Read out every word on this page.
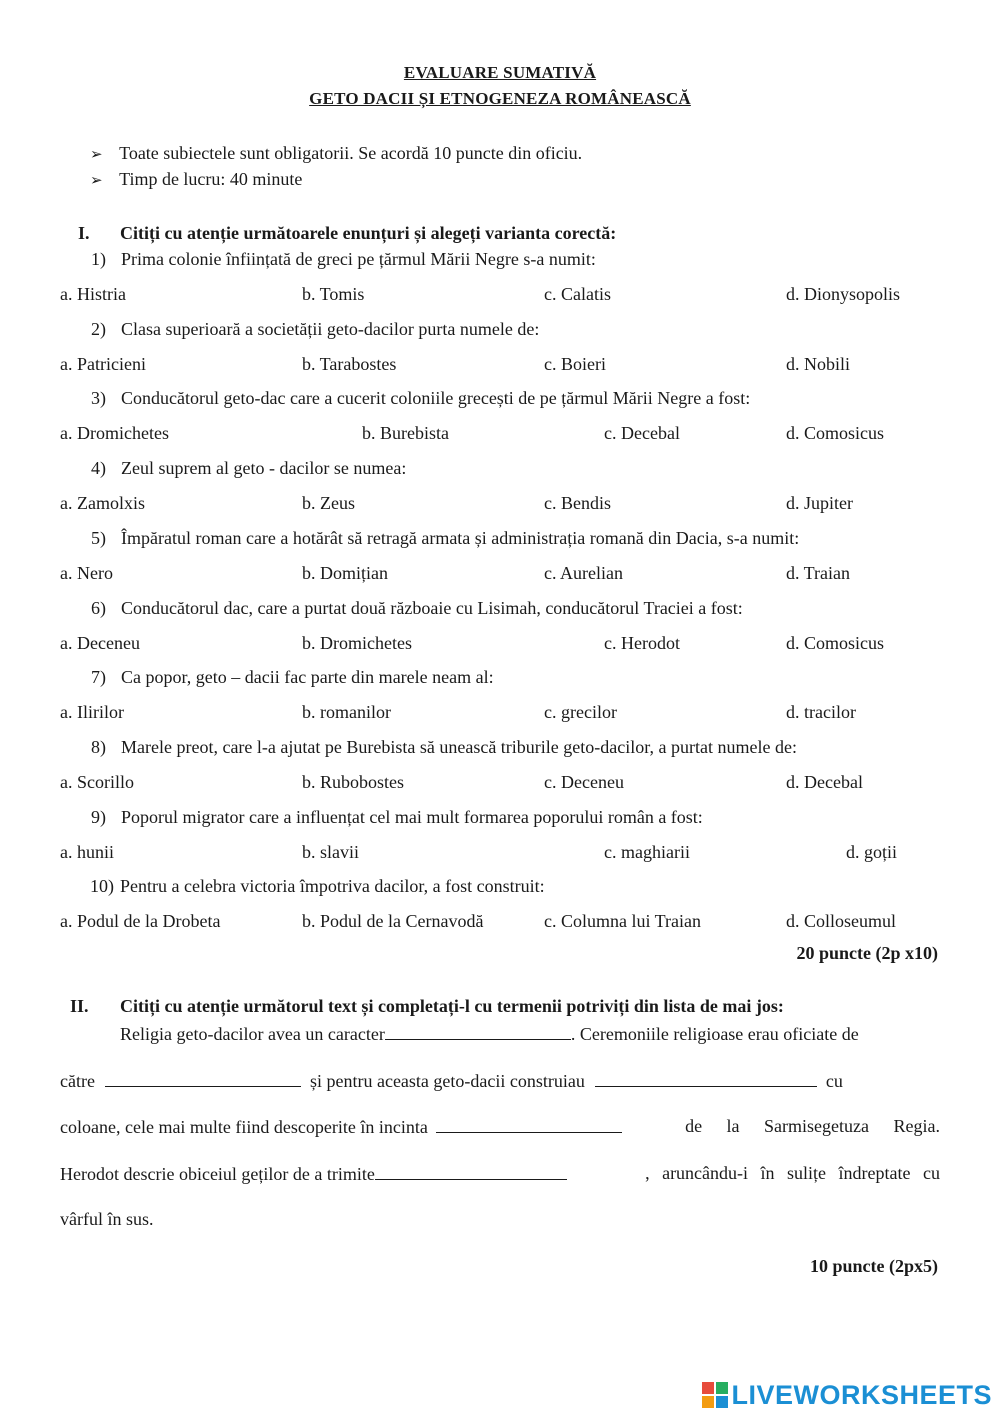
EVALUARE SUMATIVĂ
GETO DACII ȘI ETNOGENEZA ROMÂNEASCĂ
➢ Toate subiectele sunt obligatorii. Se acordă 10 puncte din oficiu.
➢ Timp de lucru: 40 minute
I. Citiți cu atenție următoarele enunțuri și alegeți varianta corectă:
1) Prima colonie înființată de greci pe țărmul Mării Negre s-a numit:
a. Histria	b. Tomis	c. Calatis	d. Dionysopolis
2) Clasa superioară a societății geto-dacilor purta numele de:
a. Patricieni	b. Tarabostes	c. Boieri	d. Nobili
3) Conducătorul geto-dac care a cucerit coloniile grecești de pe țărmul Mării Negre a fost:
a. Dromichetes	b. Burebista	c. Decebal	d. Comosicus
4) Zeul suprem al geto - dacilor se numea:
a. Zamolxis	b. Zeus	c. Bendis	d. Jupiter
5) Împăratul roman care a hotărât să retragă armata și administrația romană din Dacia, s-a numit:
a. Nero	b. Domițian	c. Aurelian	d. Traian
6) Conducătorul dac, care a purtat două războaie cu Lisimah, conducătorul Traciei a fost:
a. Deceneu	b. Dromichetes	c. Herodot	d. Comosicus
7) Ca popor, geto – dacii fac parte din marele neam al:
a. Ilirilor	b. romanilor	c. grecilor	d. tracilor
8) Marele preot, care l-a ajutat pe Burebista să unească triburile geto-dacilor, a purtat numele de:
a. Scorillo	b. Rubobostes	c. Deceneu	d. Decebal
9) Poporul migrator care a influențat cel mai mult formarea poporului român a fost:
a. hunii	b. slavii	c. maghiarii	d. goții
10) Pentru a celebra victoria împotriva dacilor, a fost construit:
a. Podul de la Drobeta	b. Podul de la Cernavodă	c. Columna lui Traian	d. Colloseumul
20 puncte (2p x10)
II. Citiți cu atenție următorul text și completați-l cu termenii potriviți din lista de mai jos:
Religia geto-dacilor avea un caracter	. Ceremoniile religioase erau oficiate de
către	și pentru aceasta geto-dacii construiau	cu
coloane, cele mai multe fiind descoperite în incinta	de la Sarmisegetuza Regia.
Herodot descrie obiceiul geților de a trimite	, aruncându-i în sulițe îndreptate cu
vârful în sus.
10 puncte (2px5)
LIVEWORKSHEETS
